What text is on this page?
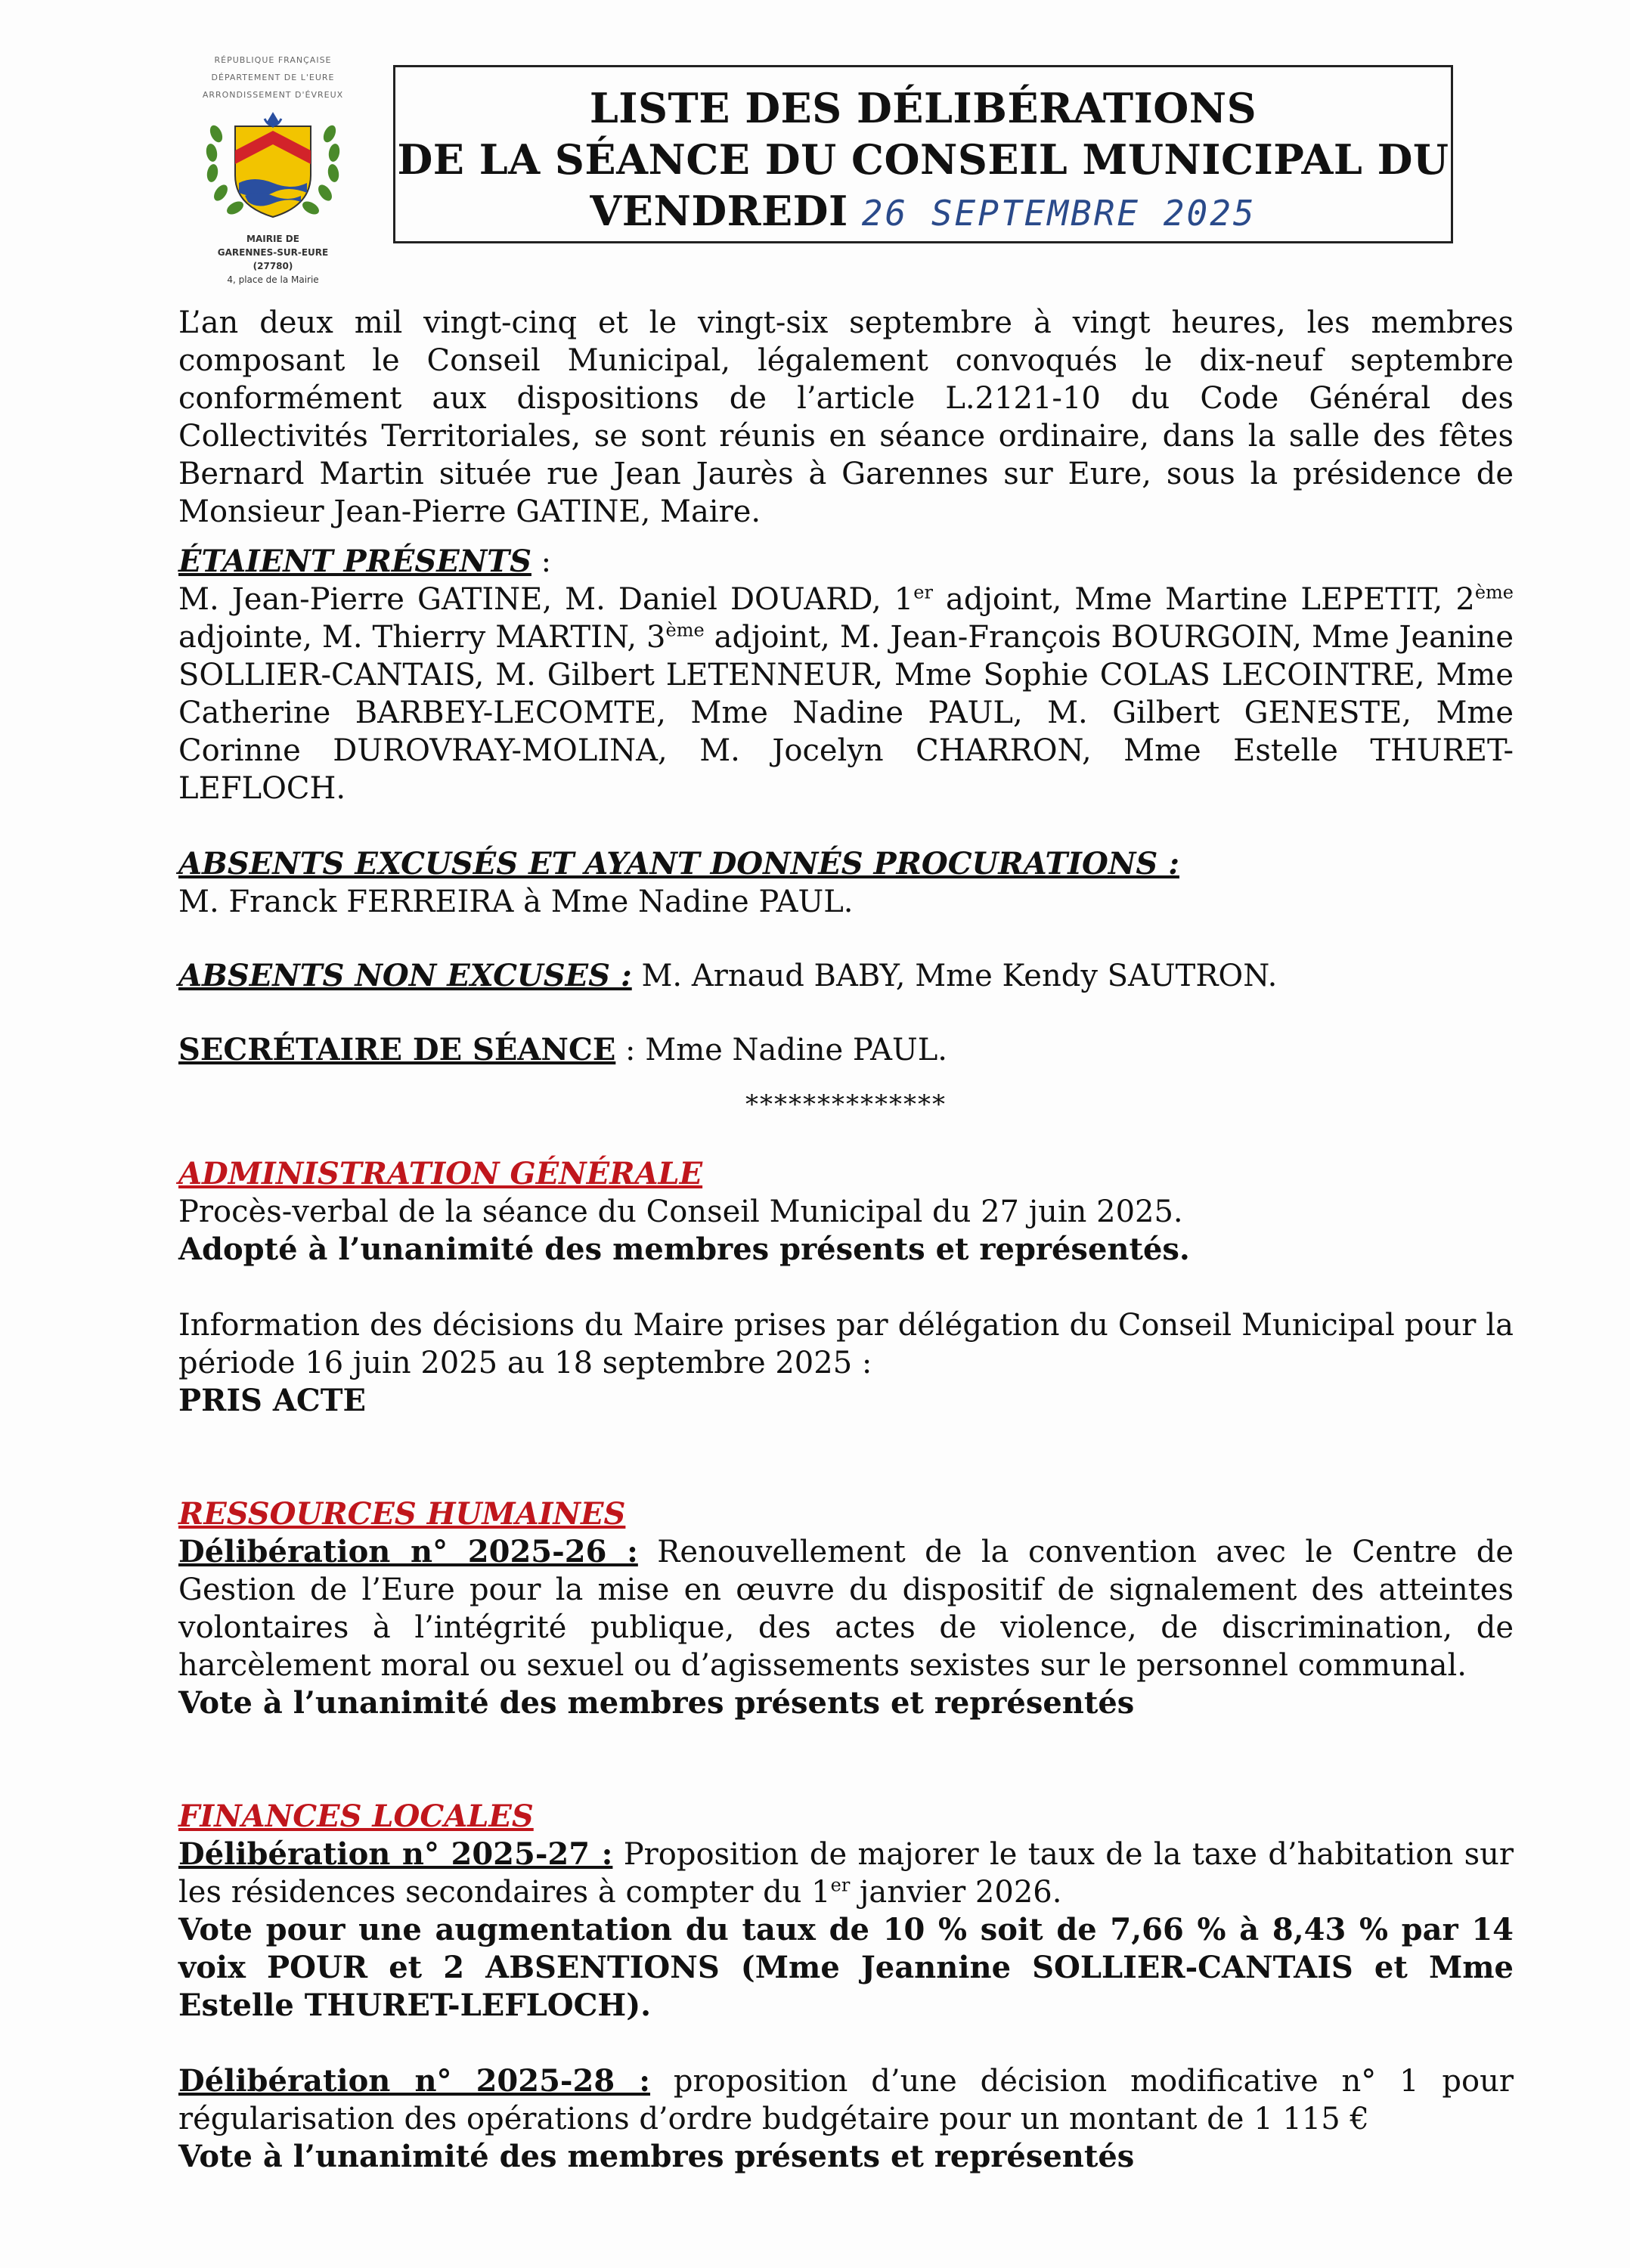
RÉPUBLIQUE FRANÇAISE
DÉPARTEMENT DE L'EURE
ARRONDISSEMENT D'ÉVREUX
MAIRIE DE
GARENNES-SUR-EURE
(27780)
4, place de la Mairie
LISTE DES DÉLIBÉRATIONS
DE LA SÉANCE DU CONSEIL MUNICIPAL DU
VENDREDI 26 SEPTEMBRE 2025

L’an deux mil vingt-cinq et le vingt-six septembre à vingt heures, les membres composant le Conseil Municipal, légalement convoqués le dix-neuf septembre conformément aux dispositions de l’article L.2121-10 du Code Général des Collectivités Territoriales, se sont réunis en séance ordinaire, dans la salle des fêtes Bernard Martin située rue Jean Jaurès à Garennes sur Eure, sous la présidence de Monsieur Jean-Pierre GATINE, Maire.

ÉTAIENT PRÉSENTS :

M. Jean-Pierre GATINE, M. Daniel DOUARD, 1er adjoint, Mme Martine LEPETIT, 2ème adjointe, M. Thierry MARTIN, 3ème adjoint, M. Jean-François BOURGOIN, Mme Jeanine SOLLIER-CANTAIS, M. Gilbert LETENNEUR, Mme Sophie COLAS LECOINTRE, Mme Catherine BARBEY-LECOMTE, Mme Nadine PAUL, M. Gilbert GENESTE, Mme Corinne DUROVRAY-MOLINA, M. Jocelyn CHARRON, Mme Estelle THURET-LEFLOCH.

ABSENTS EXCUSÉS ET AYANT DONNÉS PROCURATIONS :

M. Franck FERREIRA à Mme Nadine PAUL.

ABSENTS NON EXCUSES : M. Arnaud BABY, Mme Kendy SAUTRON.

SECRÉTAIRE DE SÉANCE : Mme Nadine PAUL.

**************

ADMINISTRATION GÉNÉRALE

Procès-verbal de la séance du Conseil Municipal du 27 juin 2025.

Adopté à l’unanimité des membres présents et représentés.

Information des décisions du Maire prises par délégation du Conseil Municipal pour la période 16 juin 2025 au 18 septembre 2025 :

PRIS ACTE

RESSOURCES HUMAINES

Délibération n° 2025-26 : Renouvellement de la convention avec le Centre de Gestion de l’Eure pour la mise en œuvre du dispositif de signalement des atteintes volontaires à l’intégrité publique, des actes de violence, de discrimination, de harcèlement moral ou sexuel ou d’agissements sexistes sur le personnel communal.

Vote à l’unanimité des membres présents et représentés

FINANCES LOCALES

Délibération n° 2025-27 : Proposition de majorer le taux de la taxe d’habitation sur les résidences secondaires à compter du 1er janvier 2026.

Vote pour une augmentation du taux de 10 % soit de 7,66 % à 8,43 % par 14 voix POUR et 2 ABSENTIONS (Mme Jeannine SOLLIER-CANTAIS et Mme Estelle THURET-LEFLOCH).

Délibération n° 2025-28 : proposition d’une décision modificative n° 1 pour régularisation des opérations d’ordre budgétaire pour un montant de 1 115 €

Vote à l’unanimité des membres présents et représentés
